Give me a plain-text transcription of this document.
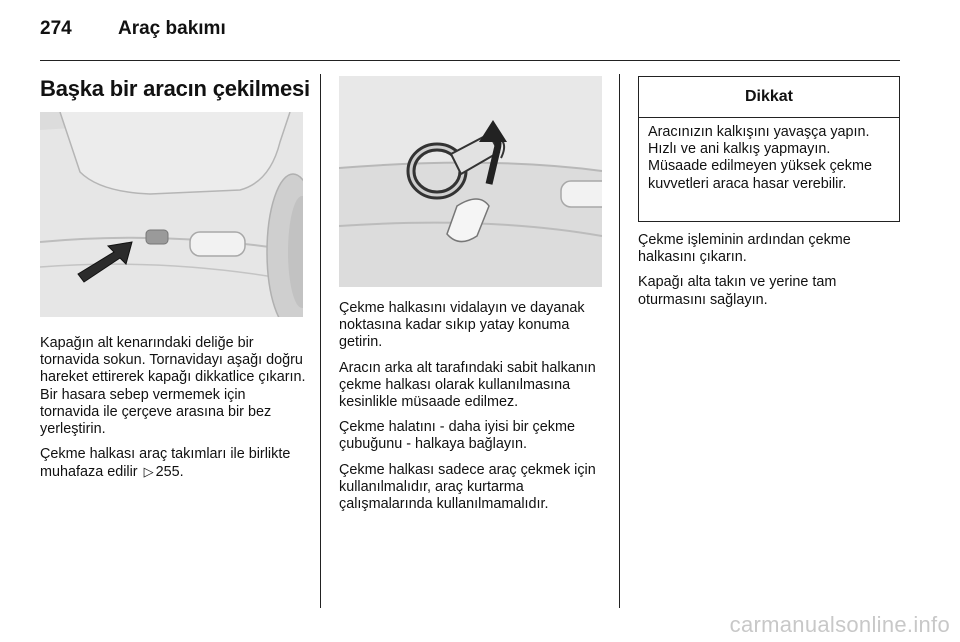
274 Araç bakımı
Başka bir aracın çekilmesi

Kapağın alt kenarındaki deliğe bir tornavida sokun. Tornavidayı aşağı doğru hareket ettirerek kapağı dikkatlice çıkarın. Bir hasara sebep vermemek için tornavida ile çerçeve arasına bir bez yerleştirin.

Çekme halkası araç takımları ile birlikte muhafaza edilir ▷ 255.

Çekme halkasını vidalayın ve dayanak noktasına kadar sıkıp yatay konuma getirin.

Aracın arka alt tarafındaki sabit halkanın çekme halkası olarak kullanılmasına kesinlikle müsaade edilmez.

Çekme halatını - daha iyisi bir çekme çubuğunu - halkaya bağlayın.

Çekme halkası sadece araç çekmek için kullanılmalıdır, araç kurtarma çalışmalarında kullanılmamalıdır.

Dikkat
Aracınızın kalkışını yavaşça yapın. Hızlı ve ani kalkış yapmayın. Müsaade edilmeyen yüksek çekme kuvvetleri araca hasar verebilir.

Çekme işleminin ardından çekme halkasını çıkarın.

Kapağı alta takın ve yerine tam oturmasını sağlayın.

carmanualsonline.info
